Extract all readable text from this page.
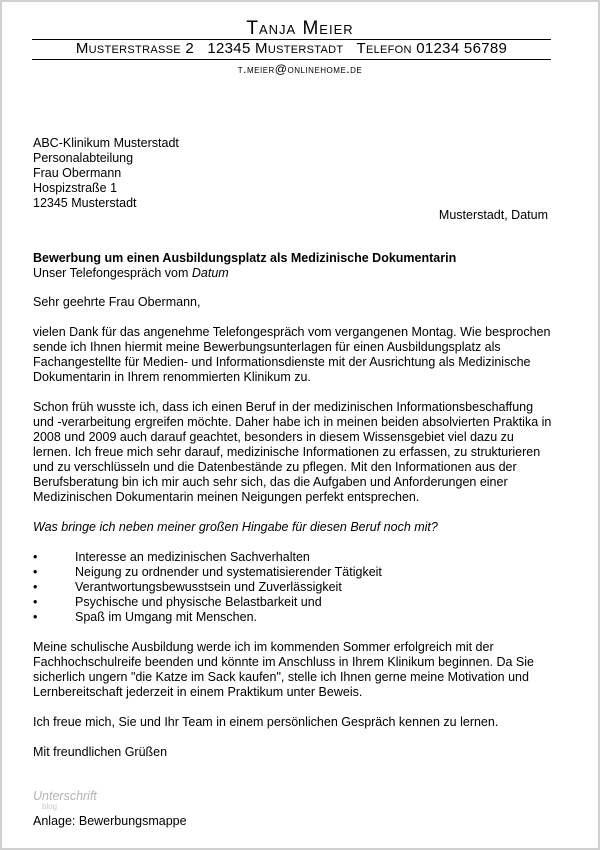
Tanja Meier
Musterstrasse 2   12345 Musterstadt   Telefon 01234 56789
t.meier@onlinehome.de
ABC-Klinikum Musterstadt
Personalabteilung
Frau Obermann
Hospizstraße 1
12345 Musterstadt
Musterstadt, Datum
Bewerbung um einen Ausbildungsplatz als Medizinische Dokumentarin
Unser Telefongespräch vom Datum

Sehr geehrte Frau Obermann,

vielen Dank für das angenehme Telefongespräch vom vergangenen Montag. Wie besprochen sende ich Ihnen hiermit meine Bewerbungsunterlagen für einen Ausbildungsplatz als Fachangestellte für Medien- und Informationsdienste mit der Ausrichtung als Medizinische Dokumentarin in Ihrem renommierten Klinikum zu.

Schon früh wusste ich, dass ich einen Beruf in der medizinischen Informationsbeschaffung und -verarbeitung ergreifen möchte. Daher habe ich in meinen beiden absolvierten Praktika in 2008 und 2009 auch darauf geachtet, besonders in diesem Wissensgebiet viel dazu zu lernen. Ich freue mich sehr darauf, medizinische Informationen zu erfassen, zu strukturieren und zu verschlüsseln und die Datenbestände zu pflegen. Mit den Informationen aus der Berufsberatung bin ich mir auch sehr sich, das die Aufgaben und Anforderungen einer Medizinischen Dokumentarin meinen Neigungen perfekt entsprechen.

Was bringe ich neben meiner großen Hingabe für diesen Beruf noch mit?

•	Interesse an medizinischen Sachverhalten
•	Neigung zu ordnender und systematisierender Tätigkeit
•	Verantwortungsbewusstsein und Zuverlässigkeit
•	Psychische und physische Belastbarkeit und
•	Spaß im Umgang mit Menschen.

Meine schulische Ausbildung werde ich im kommenden Sommer erfolgreich mit der Fachhochschulreife beenden und könnte im Anschluss in Ihrem Klinikum beginnen. Da Sie sicherlich ungern "die Katze im Sack kaufen", stelle ich Ihnen gerne meine Motivation und Lernbereitschaft jederzeit in einem Praktikum unter Beweis.

Ich freue mich, Sie und Ihr Team in einem persönlichen Gespräch kennen zu lernen.

Mit freundlichen Grüßen

Unterschrift

Anlage: Bewerbungsmappe

blog
